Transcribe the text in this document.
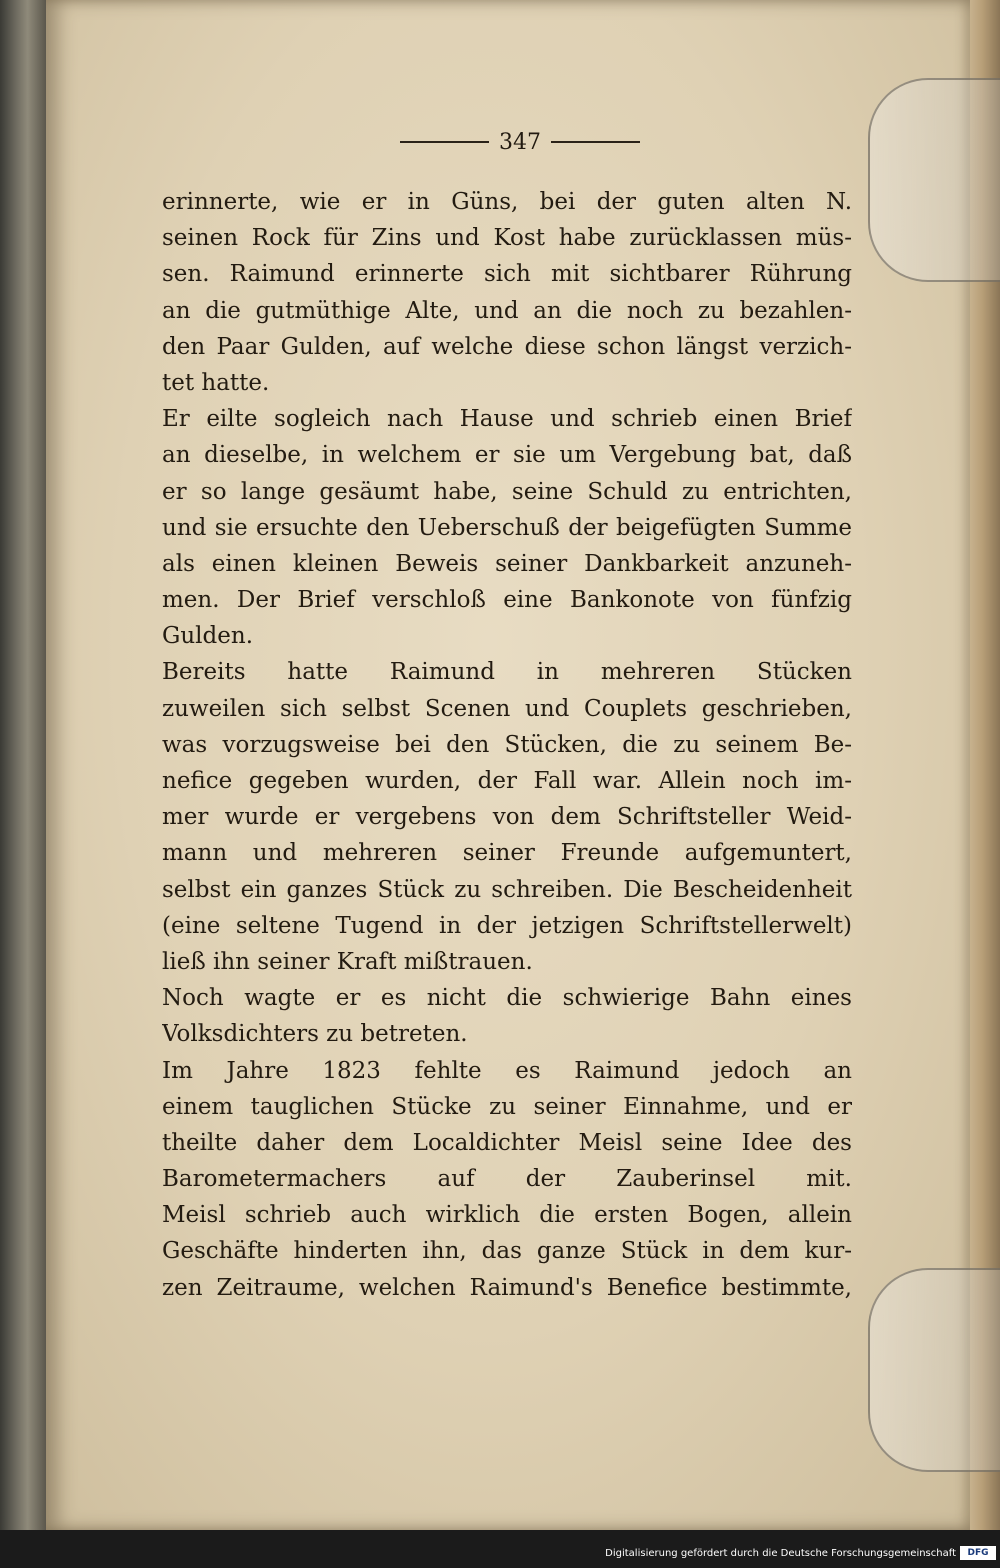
347
erinnerte, wie er in Güns, bei der guten alten N.
seinen Rock für Zins und Kost habe zurücklassen müs-
sen. Raimund erinnerte sich mit sichtbarer Rührung
an die gutmüthige Alte, und an die noch zu bezahlen-
den Paar Gulden, auf welche diese schon längst verzich-
tet hatte.
Er eilte sogleich nach Hause und schrieb einen Brief
an dieselbe, in welchem er sie um Vergebung bat, daß
er so lange gesäumt habe, seine Schuld zu entrichten,
und sie ersuchte den Ueberschuß der beigefügten Summe
als einen kleinen Beweis seiner Dankbarkeit anzuneh-
men. Der Brief verschloß eine Bankonote von fünfzig
Gulden.
Bereits hatte Raimund in mehreren Stücken
zuweilen sich selbst Scenen und Couplets geschrieben,
was vorzugsweise bei den Stücken, die zu seinem Be-
nefice gegeben wurden, der Fall war. Allein noch im-
mer wurde er vergebens von dem Schriftsteller Weid-
mann und mehreren seiner Freunde aufgemuntert,
selbst ein ganzes Stück zu schreiben. Die Bescheidenheit
(eine seltene Tugend in der jetzigen Schriftstellerwelt)
ließ ihn seiner Kraft mißtrauen.
Noch wagte er es nicht die schwierige Bahn eines
Volksdichters zu betreten.
Im Jahre 1823 fehlte es Raimund jedoch an
einem tauglichen Stücke zu seiner Einnahme, und er
theilte daher dem Localdichter Meisl seine Idee des
Barometermachers auf der Zauberinsel mit.
Meisl schrieb auch wirklich die ersten Bogen, allein
Geschäfte hinderten ihn, das ganze Stück in dem kur-
zen Zeitraume, welchen Raimund's Benefice bestimmte,
Digitalisierung gefördert durch die Deutsche Forschungsgemeinschaft	DFG
